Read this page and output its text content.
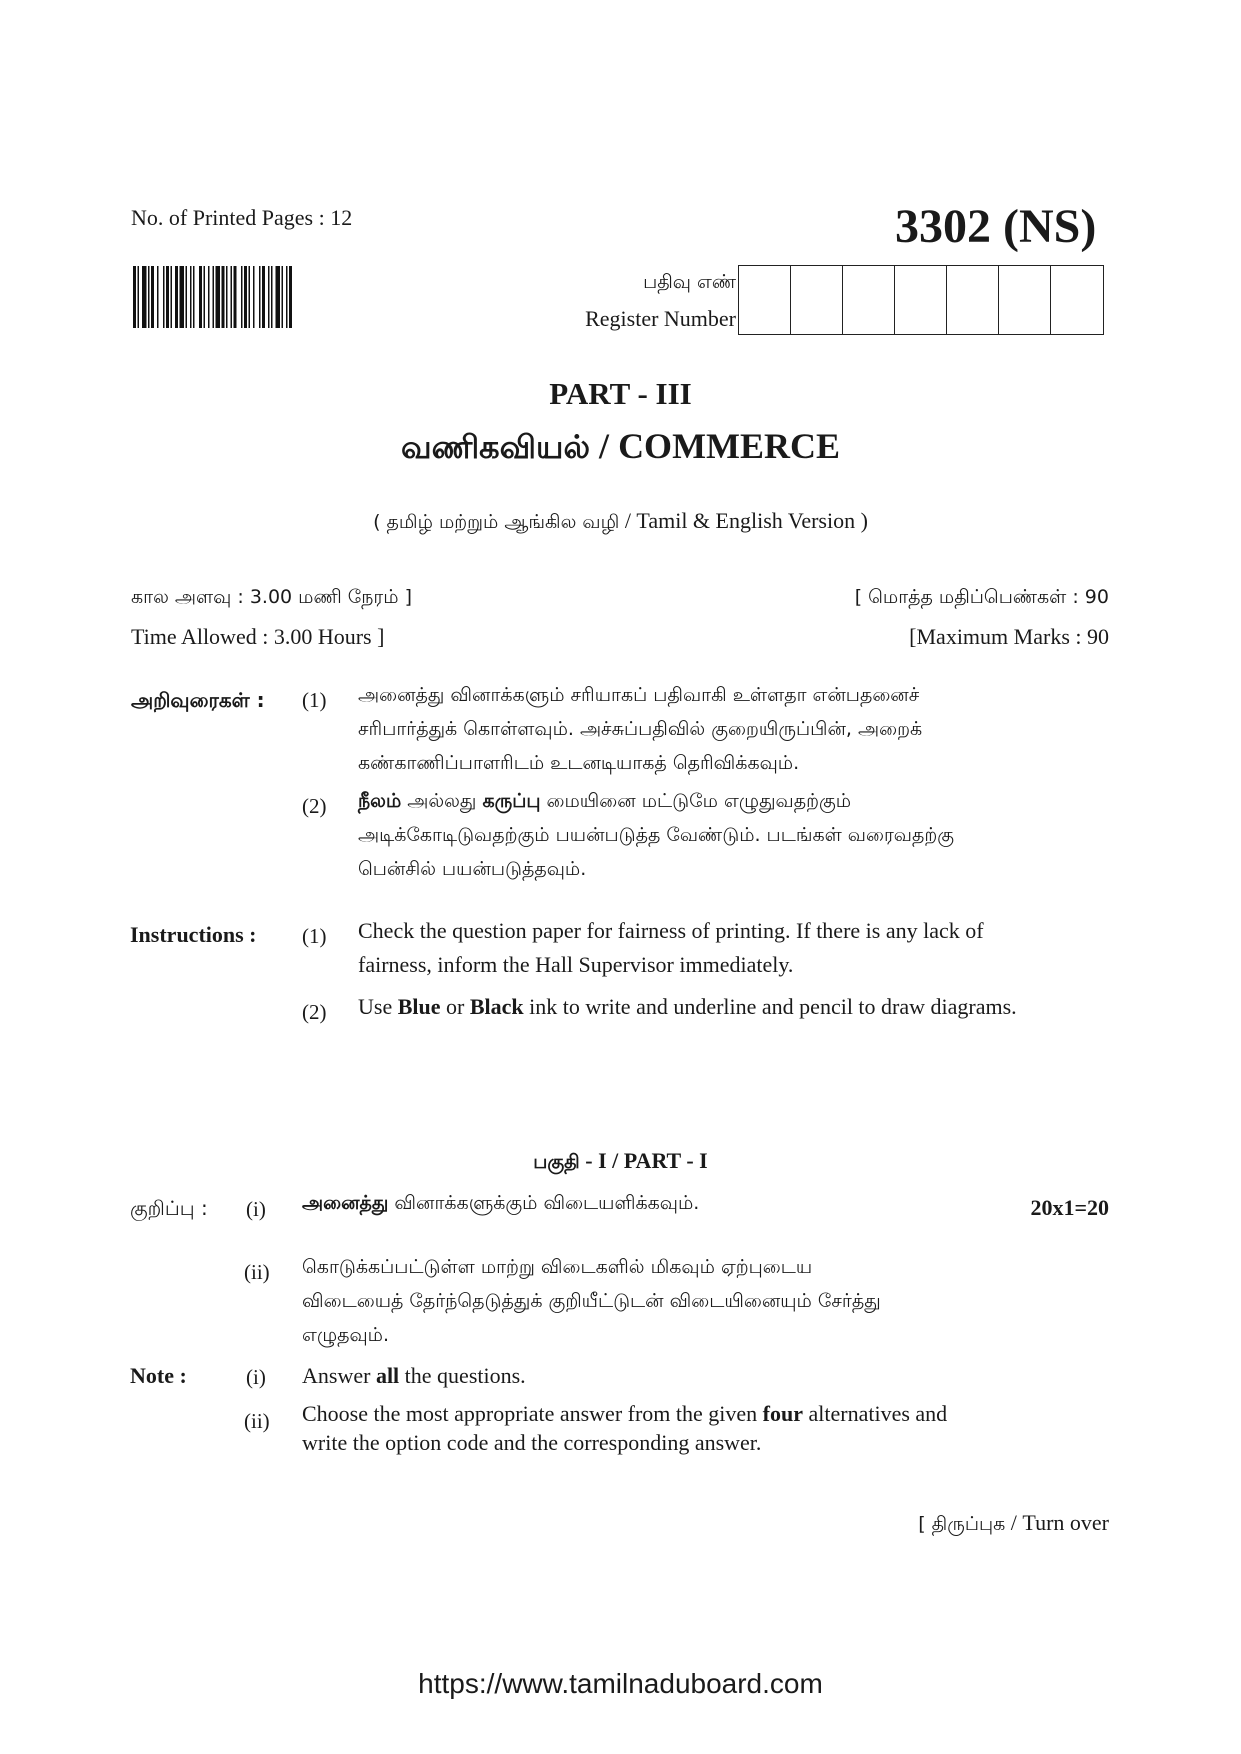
No. of Printed Pages : 12	3302 (NS)
பதிவு எண்
Register Number
PART - III
வணிகவியல் / COMMERCE
( தமிழ் மற்றும் ஆங்கில வழி / Tamil & English Version )
கால அளவு : 3.00 மணி நேரம் ]	[ மொத்த மதிப்பெண்கள் : 90
Time Allowed : 3.00 Hours ]	[Maximum Marks : 90
அறிவுரைகள் : (1) அனைத்து வினாக்களும் சரியாகப் பதிவாகி உள்ளதா என்பதனைச்
சரிபார்த்துக் கொள்ளவும். அச்சுப்பதிவில் குறையிருப்பின், அறைக்
கண்காணிப்பாளரிடம் உடனடியாகத் தெரிவிக்கவும்.
(2) நீலம் அல்லது கருப்பு மையினை மட்டுமே எழுதுவதற்கும்
அடிக்கோடிடுவதற்கும் பயன்படுத்த வேண்டும். படங்கள் வரைவதற்கு
பென்சில் பயன்படுத்தவும்.
Instructions : (1) Check the question paper for fairness of printing. If there is any lack of
fairness, inform the Hall Supervisor immediately.
(2) Use Blue or Black ink to write and underline and pencil to draw diagrams.
பகுதி - I / PART - I
குறிப்பு : (i) அனைத்து வினாக்களுக்கும் விடையளிக்கவும்.	20x1=20
(ii) கொடுக்கப்பட்டுள்ள மாற்று விடைகளில் மிகவும் ஏற்புடைய
விடையைத் தேர்ந்தெடுத்துக் குறியீட்டுடன் விடையினையும் சேர்த்து
எழுதவும்.
Note :	(i) Answer all the questions.
(ii) Choose the most appropriate answer from the given four alternatives and
write the option code and the corresponding answer.
[ திருப்புக / Turn over
https://www.tamilnaduboard.com
